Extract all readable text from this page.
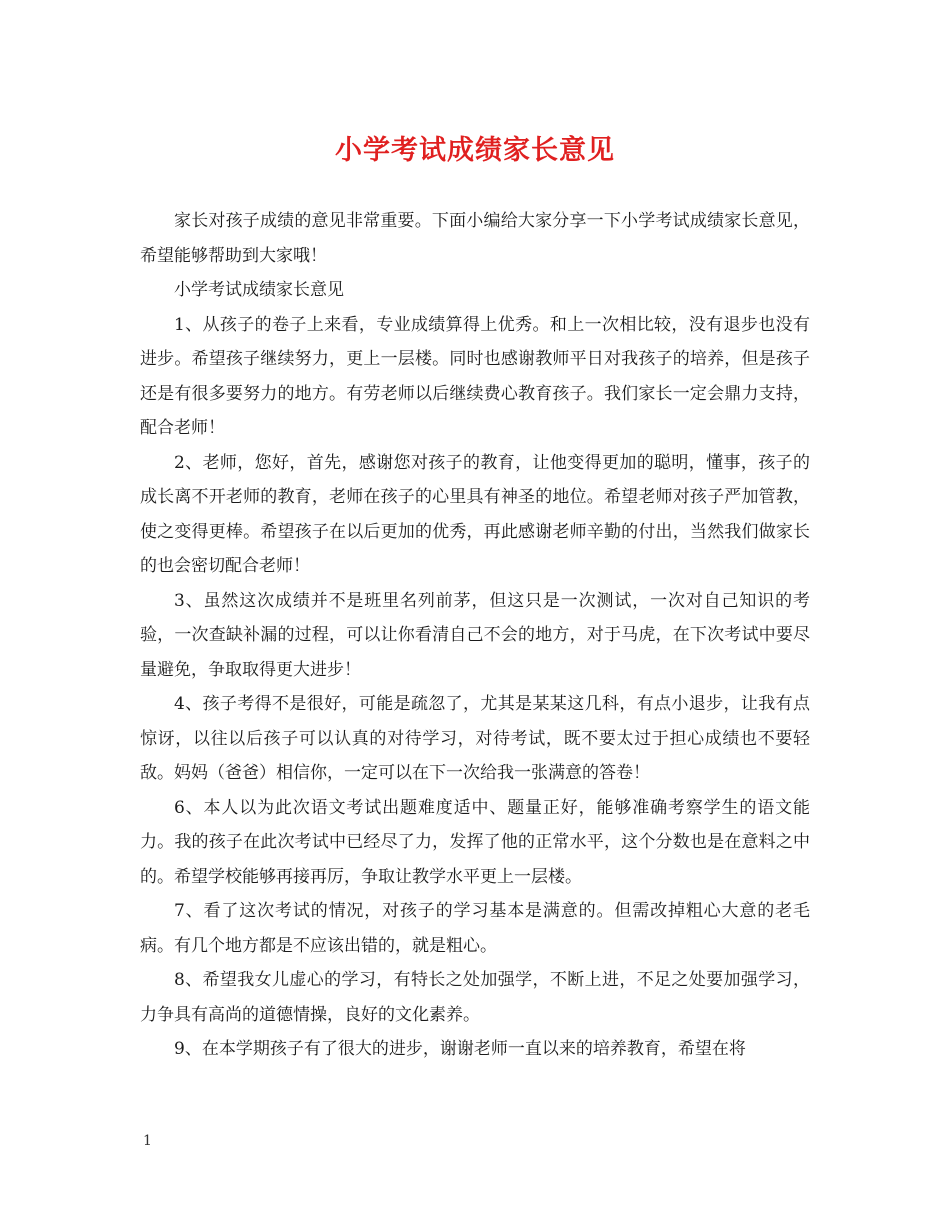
小学考试成绩家长意见

家长对孩子成绩的意见非常重要。下面小编给大家分享一下小学考试成绩家长意见，希望能够帮助到大家哦！

小学考试成绩家长意见

1、从孩子的卷子上来看，专业成绩算得上优秀。和上一次相比较，没有退步也没有进步。希望孩子继续努力，更上一层楼。同时也感谢教师平日对我孩子的培养，但是孩子还是有很多要努力的地方。有劳老师以后继续费心教育孩子。我们家长一定会鼎力支持，配合老师！

2、老师，您好，首先，感谢您对孩子的教育，让他变得更加的聪明，懂事，孩子的成长离不开老师的教育，老师在孩子的心里具有神圣的地位。希望老师对孩子严加管教，使之变得更棒。希望孩子在以后更加的优秀，再此感谢老师辛勤的付出，当然我们做家长的也会密切配合老师！

3、虽然这次成绩并不是班里名列前茅，但这只是一次测试，一次对自己知识的考验，一次查缺补漏的过程，可以让你看清自己不会的地方，对于马虎，在下次考试中要尽量避免，争取取得更大进步！

4、孩子考得不是很好，可能是疏忽了，尤其是某某这几科，有点小退步，让我有点惊讶，以往以后孩子可以认真的对待学习，对待考试，既不要太过于担心成绩也不要轻敌。妈妈（爸爸）相信你，一定可以在下一次给我一张满意的答卷！

6、本人以为此次语文考试出题难度适中、题量正好，能够准确考察学生的语文能力。我的孩子在此次考试中已经尽了力，发挥了他的正常水平，这个分数也是在意料之中的。希望学校能够再接再厉，争取让教学水平更上一层楼。

7、看了这次考试的情况，对孩子的学习基本是满意的。但需改掉粗心大意的老毛病。有几个地方都是不应该出错的，就是粗心。

8、希望我女儿虚心的学习，有特长之处加强学，不断上进，不足之处要加强学习，力争具有高尚的道德情操，良好的文化素养。

9、在本学期孩子有了很大的进步，谢谢老师一直以来的培养教育，希望在将

1
